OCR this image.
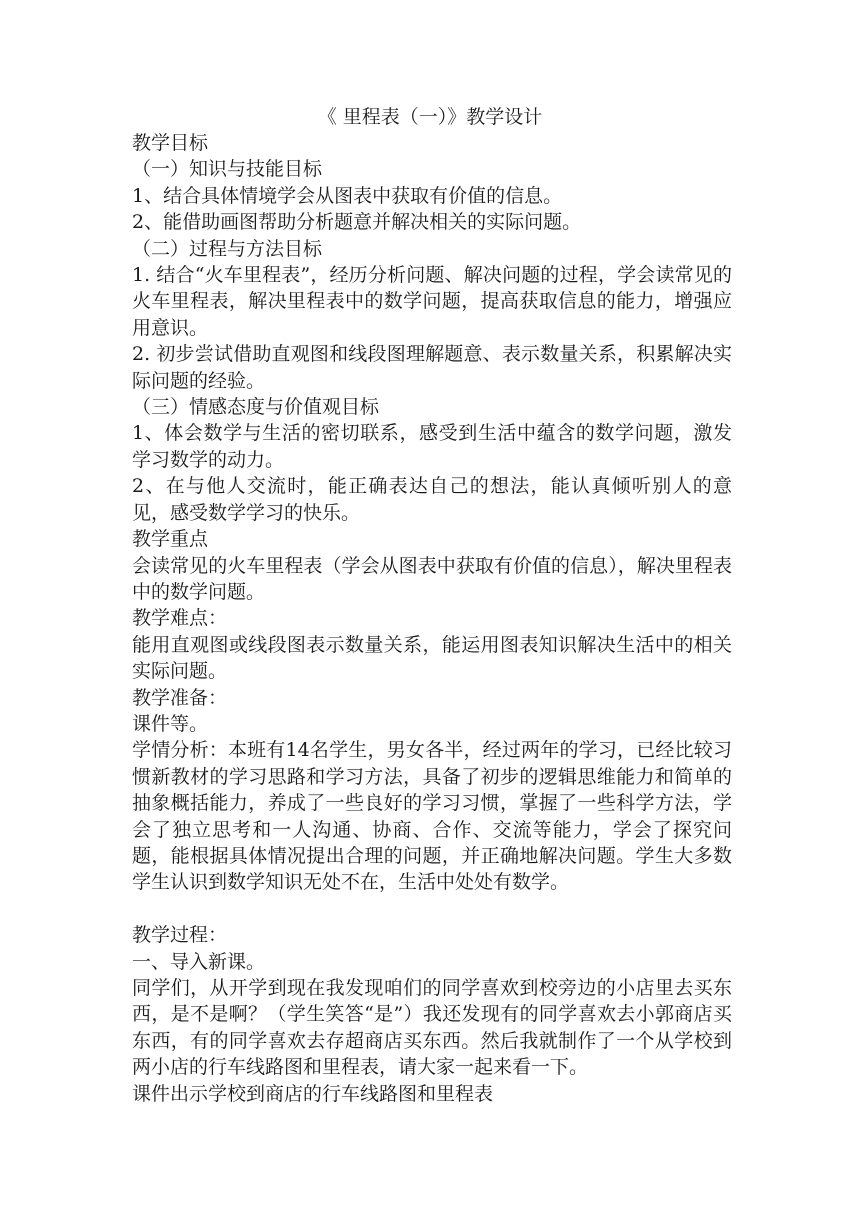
《 里程表（一）》教学设计

教学目标

（一）知识与技能目标

1、结合具体情境学会从图表中获取有价值的信息。

2、能借助画图帮助分析题意并解决相关的实际问题。

（二）过程与方法目标

1. 结合“火车里程表”，经历分析问题、解决问题的过程，学会读常见的火车里程表，解决里程表中的数学问题，提高获取信息的能力，增强应用意识。

2. 初步尝试借助直观图和线段图理解题意、表示数量关系，积累解决实际问题的经验。

（三）情感态度与价值观目标

1、体会数学与生活的密切联系，感受到生活中蕴含的数学问题，激发学习数学的动力。

2、在与他人交流时，能正确表达自己的想法，能认真倾听别人的意见，感受数学学习的快乐。

教学重点

会读常见的火车里程表（学会从图表中获取有价值的信息），解决里程表中的数学问题。

教学难点：

能用直观图或线段图表示数量关系，能运用图表知识解决生活中的相关实际问题。

教学准备：

课件等。

学情分析：本班有14名学生，男女各半，经过两年的学习，已经比较习惯新教材的学习思路和学习方法，具备了初步的逻辑思维能力和简单的抽象概括能力，养成了一些良好的学习习惯，掌握了一些科学方法，学会了独立思考和一人沟通、协商、合作、交流等能力，学会了探究问题，能根据具体情况提出合理的问题，并正确地解决问题。学生大多数学生认识到数学知识无处不在，生活中处处有数学。

教学过程：

一、导入新课。

同学们，从开学到现在我发现咱们的同学喜欢到校旁边的小店里去买东西，是不是啊？（学生笑答“是”）我还发现有的同学喜欢去小郭商店买东西，有的同学喜欢去存超商店买东西。然后我就制作了一个从学校到两小店的行车线路图和里程表，请大家一起来看一下。

课件出示学校到商店的行车线路图和里程表
